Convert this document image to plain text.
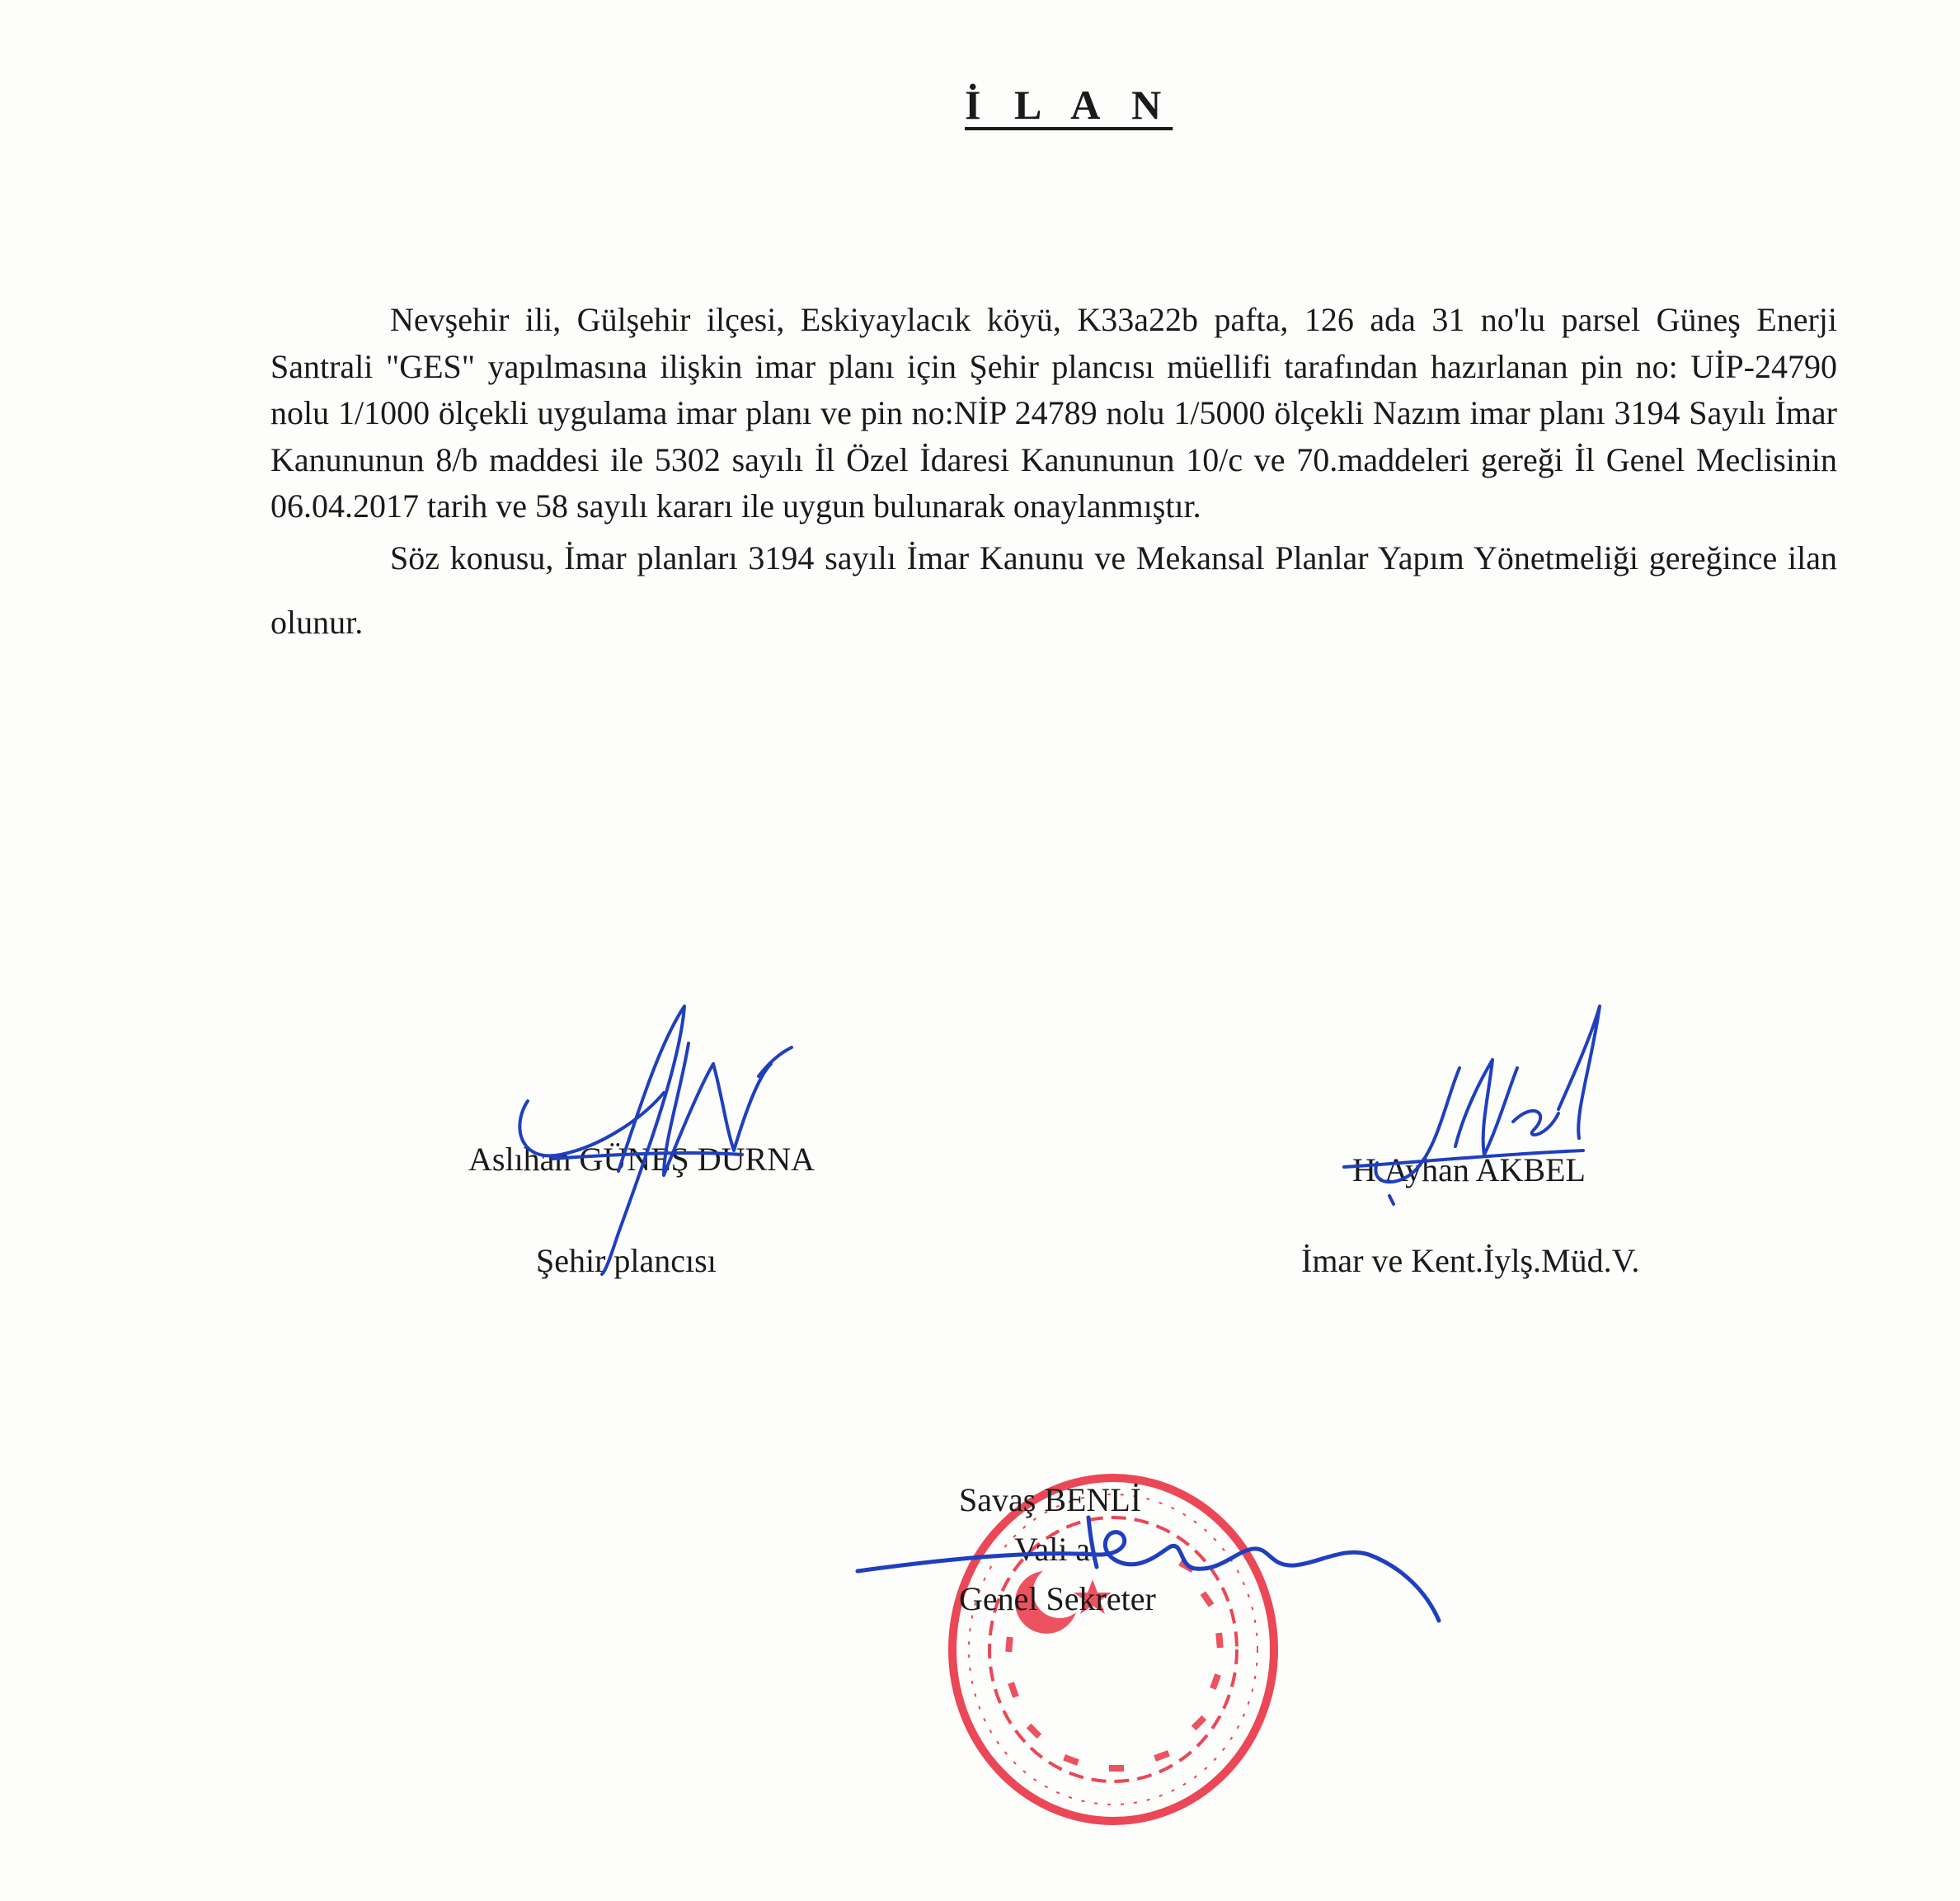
İ L A N

Nevşehir ili, Gülşehir ilçesi, Eskiyaylacık köyü, K33a22b pafta, 126 ada 31 no'lu parsel Güneş Enerji Santrali "GES" yapılmasına ilişkin imar planı için Şehir plancısı müellifi tarafından hazırlanan pin no: UİP-24790 nolu 1/1000 ölçekli uygulama imar planı ve pin no:NİP 24789 nolu 1/5000 ölçekli Nazım imar planı 3194 Sayılı İmar Kanununun 8/b maddesi ile 5302 sayılı İl Özel İdaresi Kanununun 10/c ve 70.maddeleri gereği İl Genel Meclisinin 06.04.2017 tarih ve 58 sayılı kararı ile uygun bulunarak onaylanmıştır.

Söz konusu, İmar planları 3194 sayılı İmar Kanunu ve Mekansal Planlar Yapım Yönetmeliği gereğince ilan olunur.

Aslıhan GÜNEŞ DURNA
Şehir plancısı
H.Ayhan AKBEL
İmar ve Kent.İylş.Müd.V.
Savaş BENLİ
Vali a.
Genel Sekreter
